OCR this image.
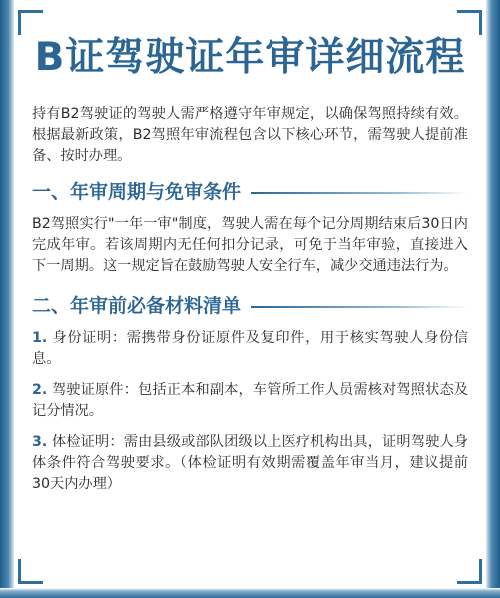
B证驾驶证年审详细流程

持有B2驾驶证的驾驶人需严格遵守年审规定，以确保驾照持续有效。根据最新政策，B2驾照年审流程包含以下核心环节，需驾驶人提前准备、按时办理。

一、年审周期与免审条件

B2驾照实行"一年一审"制度，驾驶人需在每个记分周期结束后30日内完成年审。若该周期内无任何扣分记录，可免于当年审验，直接进入下一周期。这一规定旨在鼓励驾驶人安全行车，减少交通违法行为。

二、年审前必备材料清单

1. 身份证明：需携带身份证原件及复印件，用于核实驾驶人身份信息。

2. 驾驶证原件：包括正本和副本，车管所工作人员需核对驾照状态及记分情况。

3. 体检证明：需由县级或部队团级以上医疗机构出具，证明驾驶人身体条件符合驾驶要求。（体检证明有效期需覆盖年审当月，建议提前30天内办理）
